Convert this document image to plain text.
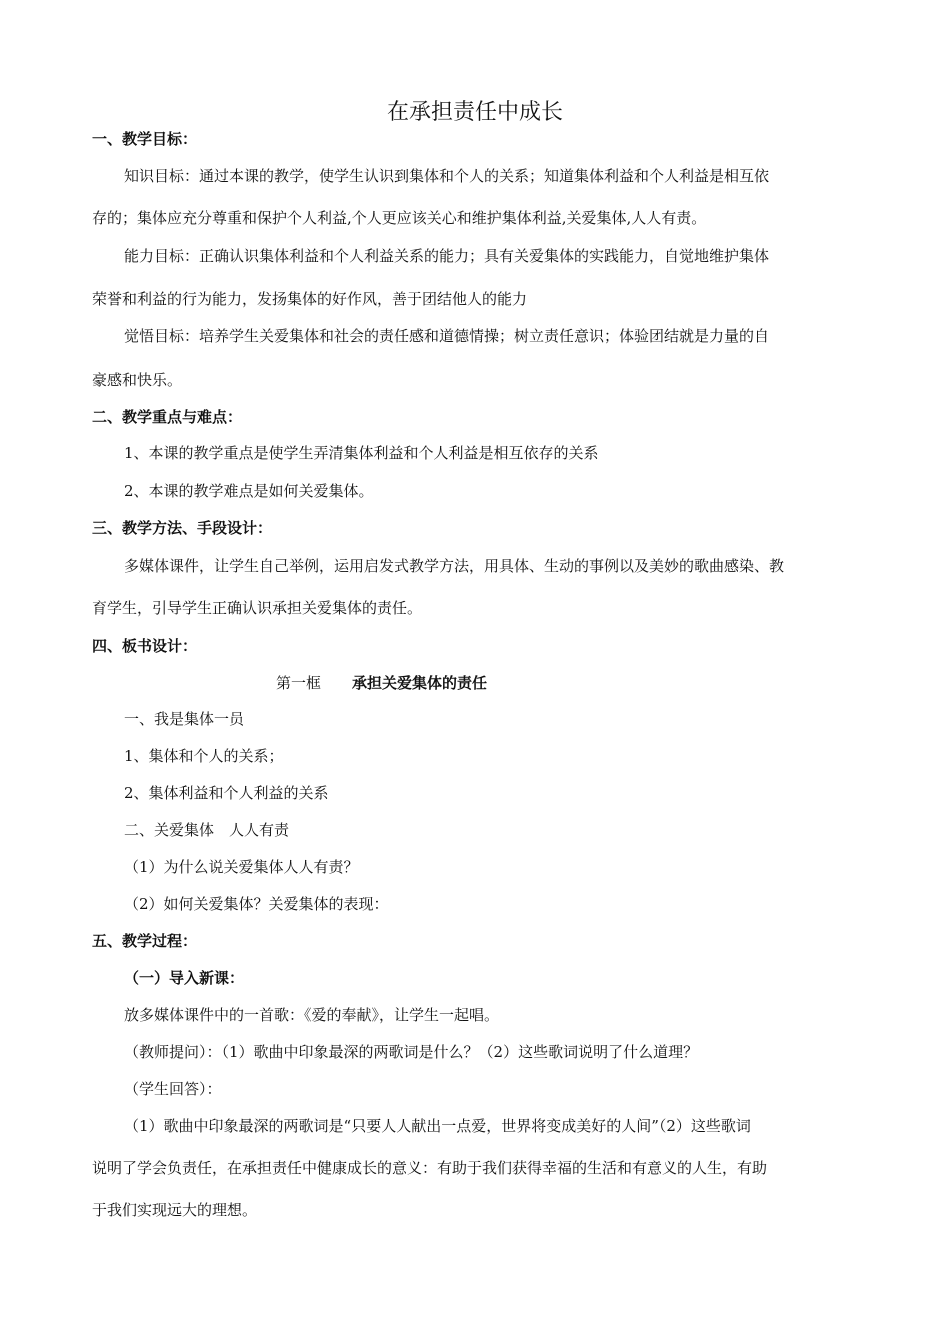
在承担责任中成长
一、教学目标：
知识目标：通过本课的教学，使学生认识到集体和个人的关系；知道集体利益和个人利益是相互依
存的；集体应充分尊重和保护个人利益,个人更应该关心和维护集体利益,关爱集体,人人有责。
能力目标：正确认识集体利益和个人利益关系的能力；具有关爱集体的实践能力，自觉地维护集体
荣誉和利益的行为能力，发扬集体的好作风，善于团结他人的能力
觉悟目标：培养学生关爱集体和社会的责任感和道德情操；树立责任意识；体验团结就是力量的自
豪感和快乐。
二、教学重点与难点：
1、本课的教学重点是使学生弄清集体利益和个人利益是相互依存的关系
2、本课的教学难点是如何关爱集体。
三、教学方法、手段设计：
多媒体课件，让学生自己举例，运用启发式教学方法，用具体、生动的事例以及美妙的歌曲感染、教
育学生，引导学生正确认识承担关爱集体的责任。
四、板书设计：
第一框 承担关爱集体的责任
一、我是集体一员
1、集体和个人的关系；
2、集体利益和个人利益的关系
二、关爱集体　人人有责
（1）为什么说关爱集体人人有责？
（2）如何关爱集体？关爱集体的表现：
五、教学过程：
（一）导入新课：
放多媒体课件中的一首歌：《爱的奉献》，让学生一起唱。
（教师提问）：（1）歌曲中印象最深的两歌词是什么？（2）这些歌词说明了什么道理？
（学生回答）：
（1）歌曲中印象最深的两歌词是“只要人人献出一点爱，世界将变成美好的人间”（2）这些歌词
说明了学会负责任，在承担责任中健康成长的意义：有助于我们获得幸福的生活和有意义的人生，有助
于我们实现远大的理想。
